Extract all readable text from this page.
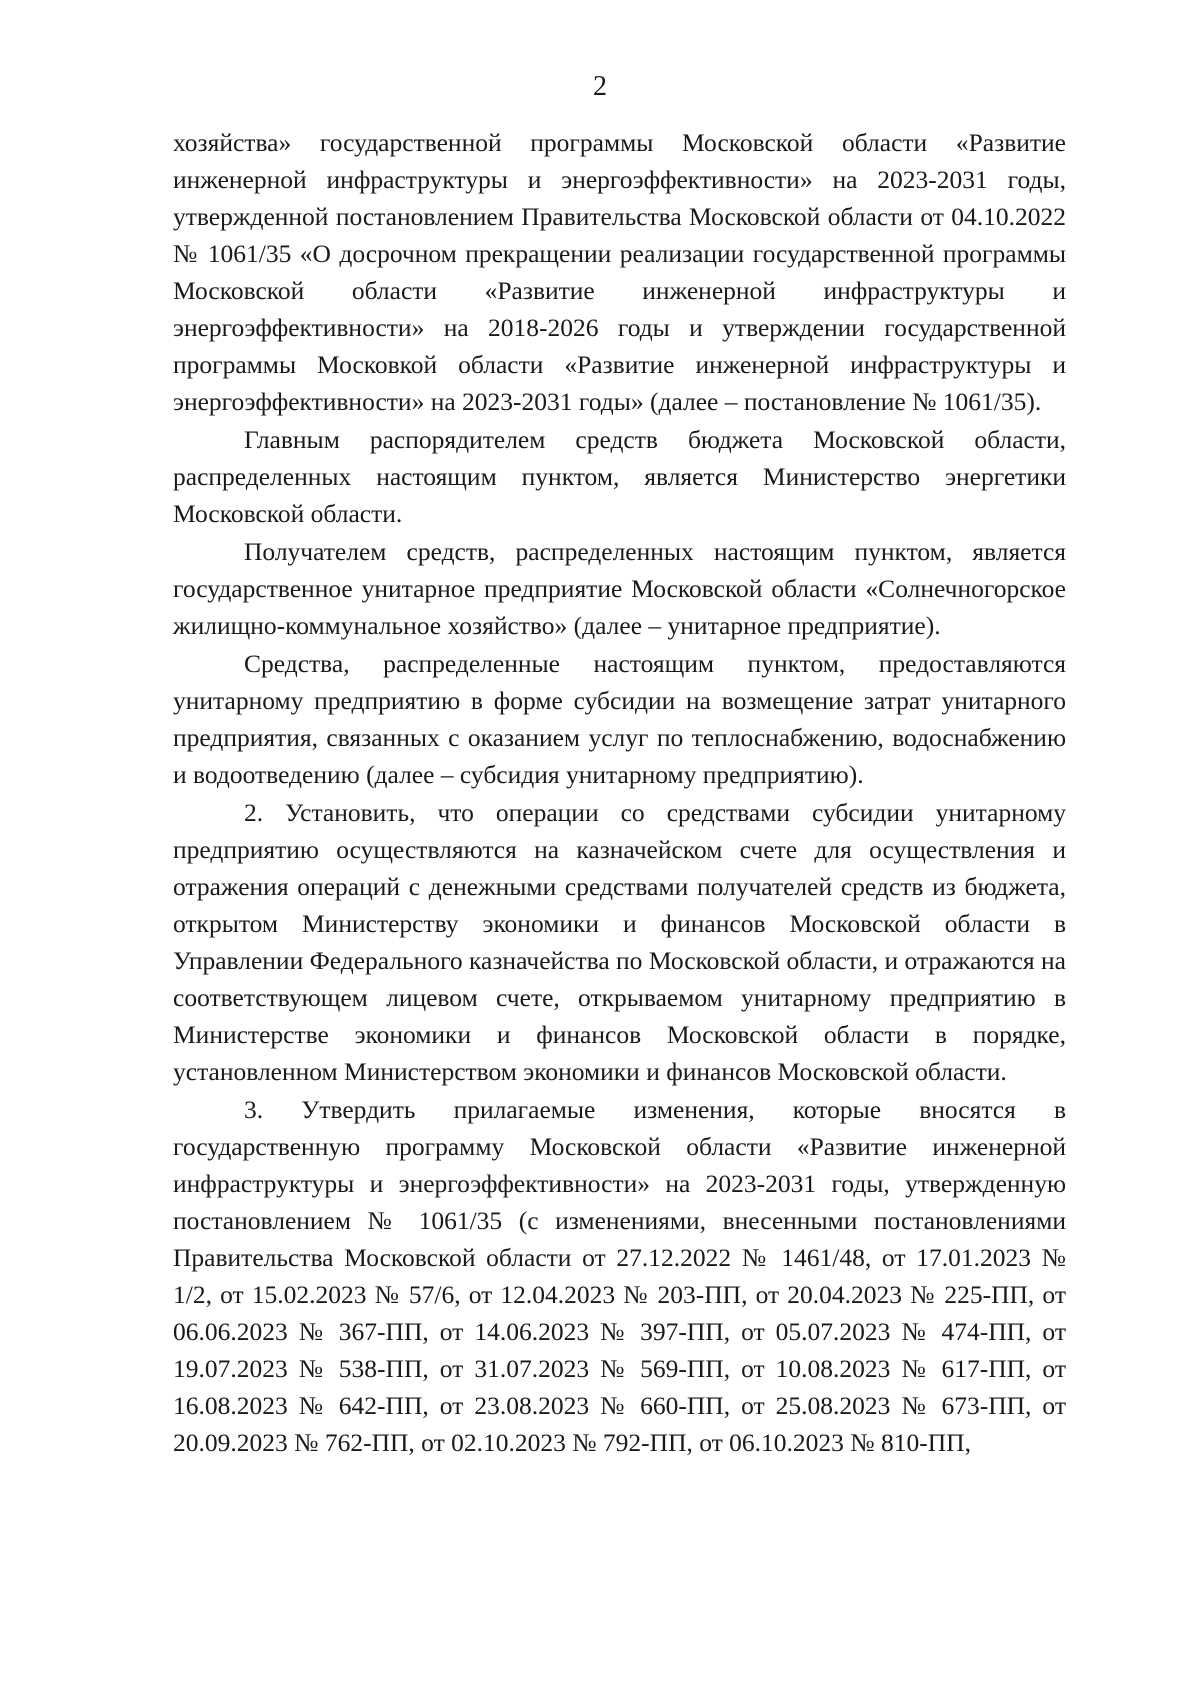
2

хозяйства» государственной программы Московской области «Развитие инженерной инфраструктуры и энергоэффективности» на 2023-2031 годы, утвержденной постановлением Правительства Московской области от 04.10.2022 № 1061/35 «О досрочном прекращении реализации государственной программы Московской области «Развитие инженерной инфраструктуры и энергоэффективности» на 2018-2026 годы и утверждении государственной программы Московкой области «Развитие инженерной инфраструктуры и энергоэффективности» на 2023-2031 годы» (далее – постановление № 1061/35).

Главным распорядителем средств бюджета Московской области, распределенных настоящим пунктом, является Министерство энергетики Московской области.

Получателем средств, распределенных настоящим пунктом, является государственное унитарное предприятие Московской области «Солнечногорское жилищно-коммунальное хозяйство» (далее – унитарное предприятие).

Средства, распределенные настоящим пунктом, предоставляются унитарному предприятию в форме субсидии на возмещение затрат унитарного предприятия, связанных с оказанием услуг по теплоснабжению, водоснабжению и водоотведению (далее – субсидия унитарному предприятию).

2. Установить, что операции со средствами субсидии унитарному предприятию осуществляются на казначейском счете для осуществления и отражения операций с денежными средствами получателей средств из бюджета, открытом Министерству экономики и финансов Московской области в Управлении Федерального казначейства по Московской области, и отражаются на соответствующем лицевом счете, открываемом унитарному предприятию в Министерстве экономики и финансов Московской области в порядке, установленном Министерством экономики и финансов Московской области.

3. Утвердить прилагаемые изменения, которые вносятся в государственную программу Московской области «Развитие инженерной инфраструктуры и энергоэффективности» на 2023-2031 годы, утвержденную постановлением № 1061/35 (с изменениями, внесенными постановлениями Правительства Московской области от 27.12.2022 № 1461/48, от 17.01.2023 № 1/2, от 15.02.2023 № 57/6, от 12.04.2023 № 203-ПП, от 20.04.2023 № 225-ПП, от 06.06.2023 № 367-ПП, от 14.06.2023 № 397-ПП, от 05.07.2023 № 474-ПП, от 19.07.2023 № 538-ПП, от 31.07.2023 № 569-ПП, от 10.08.2023 № 617-ПП, от 16.08.2023 № 642-ПП, от 23.08.2023 № 660-ПП, от 25.08.2023 № 673-ПП, от 20.09.2023 № 762-ПП, от 02.10.2023 № 792-ПП, от 06.10.2023 № 810-ПП,
